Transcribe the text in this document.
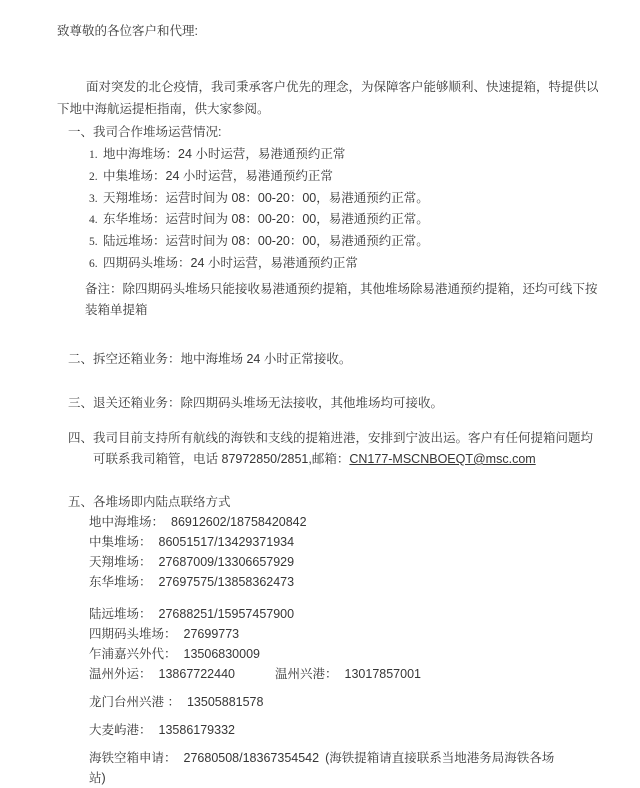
致尊敬的各位客户和代理:

面对突发的北仑疫情，我司秉承客户优先的理念，为保障客户能够顺利、快速提箱，特提供以下地中海航运提柜指南，供大家参阅。

一、我司合作堆场运营情况:

1. 地中海堆场：24 小时运营，易港通预约正常
2. 中集堆场：24 小时运营，易港通预约正常
3. 天翔堆场：运营时间为 08：00-20：00，易港通预约正常。
4. 东华堆场：运营时间为 08：00-20：00，易港通预约正常。
5. 陆远堆场：运营时间为 08：00-20：00，易港通预约正常。
6. 四期码头堆场：24 小时运营，易港通预约正常

备注：除四期码头堆场只能接收易港通预约提箱，其他堆场除易港通预约提箱，还均可线下按装箱单提箱

二、拆空还箱业务：地中海堆场 24 小时正常接收。

三、退关还箱业务：除四期码头堆场无法接收，其他堆场均可接收。

四、 我司目前支持所有航线的海铁和支线的提箱进港，安排到宁波出运。客户有任何提箱问题均可联系我司箱管，电话 87972850/2851,邮箱：CN177-MSCNBOEQT@msc.com

五、各堆场即内陆点联络方式

地中海堆场： 86912602/18758420842
中集堆场： 86051517/13429371934
天翔堆场： 27687009/13306657929
东华堆场： 27697575/13858362473
陆远堆场： 27688251/15957457900
四期码头堆场： 27699773
乍浦嘉兴外代： 13506830009
温州外运： 13867722440	温州兴港： 13017857001
龙门台州兴港 ： 13505881578
大麦屿港： 13586179332
海铁空箱申请： 27680508/18367354542 (海铁提箱请直接联系当地港务局海铁各场站)
